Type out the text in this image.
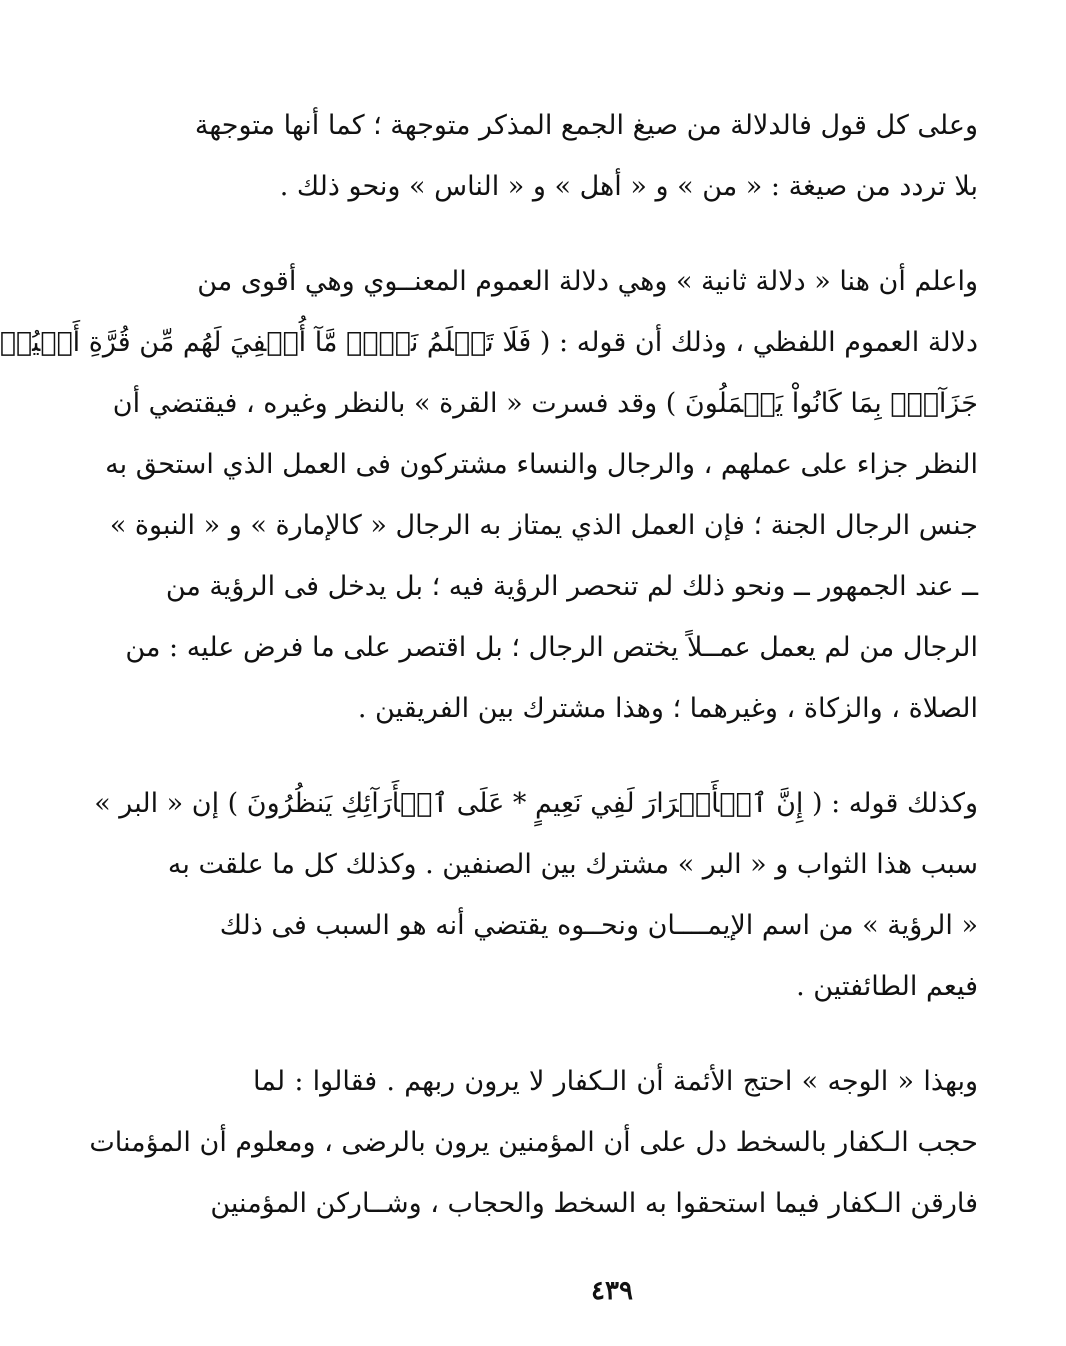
وعلى كل قول فالدلالة من صيغ الجمع المذكر متوجهة ؛ كما أنها متوجهة
بلا تردد من صيغة : « من » و « أهل » و « الناس » ونحو ذلك .

واعلم أن هنا « دلالة ثانية » وهي دلالة العموم المعنــوي وهي أقوى من
دلالة العموم اللفظي ، وذلك أن قوله : ( فَلَا تَعۡلَمُ نَفۡسٞ مَّآ أُخۡفِيَ لَهُم مِّن قُرَّةِ أَعۡيُنٖ
جَزَآءَۢ بِمَا كَانُواْ يَعۡمَلُونَ ) وقد فسرت « القرة » بالنظر وغيره ، فيقتضي أن
النظر جزاء على عملهم ، والرجال والنساء مشتركون فى العمل الذي استحق به
جنس الرجال الجنة ؛ فإن العمل الذي يمتاز به الرجال « كالإمارة » و « النبوة »
ــ عند الجمهور ــ ونحو ذلك لم تنحصر الرؤية فيه ؛ بل يدخل فى الرؤية من
الرجال من لم يعمل عمــلاً يختص الرجال ؛ بل اقتصر على ما فرض عليه : من
الصلاة ، والزكاة ، وغيرهما ؛ وهذا مشترك بين الفريقين .

وكذلك قوله : ( إِنَّ ٱلۡأَبۡرَارَ لَفِي نَعِيمٍ * عَلَى ٱلۡأَرَآئِكِ يَنظُرُونَ ) إن « البر »
سبب هذا الثواب و « البر » مشترك بين الصنفين . وكذلك كل ما علقت به
« الرؤية » من اسم الإيمــــان ونحــوه يقتضي أنه هو السبب فى ذلك
فيعم الطائفتين .

وبهذا « الوجه » احتج الأئمة أن الـكفار لا يرون ربهم . فقالوا : لما
حجب الـكفار بالسخط دل على أن المؤمنين يرون بالرضى ، ومعلوم أن المؤمنات
فارقن الـكفار فيما استحقوا به السخط والحجاب ، وشــاركن المؤمنين

٤٣٩
